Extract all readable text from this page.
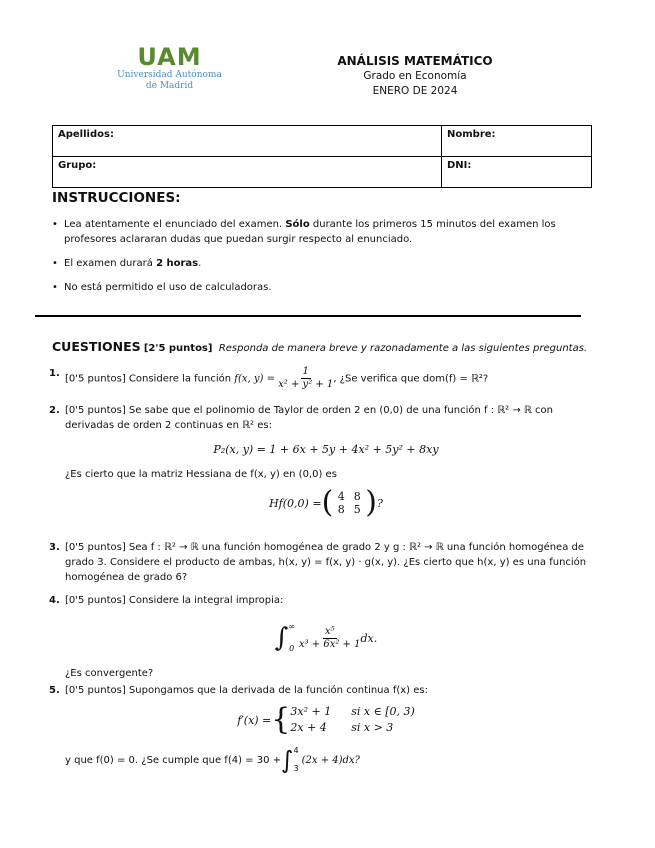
UAM
Universidad Autónoma
de Madrid
ANÁLISIS MATEMÁTICO
Grado en Economía
ENERO DE 2024
Apellidos:	Nombre:
Grupo:	DNI:
INSTRUCCIONES:
• Lea atentamente el enunciado del examen. Sólo durante los primeros 15 minutos del examen los profesores aclararan dudas que puedan surgir respecto al enunciado.
• El examen durará 2 horas.
• No está permitido el uso de calculadoras.
CUESTIONES [2'5 puntos] Responda de manera breve y razonadamente a las siguientes preguntas.
1. [0'5 puntos] Considere la función f(x, $y) = \frac{1}{\text{x² + y² + 1}}$ , ¿Se verifica que dom(f) = ℝ²?
2. [0'5 puntos] Se sabe que el polinomio de Taylor de orden 2 en (0,0) de una función f : ℝ² → ℝ con derivadas de orden 2 continuas en ℝ² es:
P₂(x, y) = 1 + 6x + 5y + 4x² + 5y² + 8xy
¿Es cierto que la matriz Hessiana de f(x, y) en (0,0) es
Hf(0,0) = ( 4 8
8 5 ) ?
3. [0'5 puntos] Sea f : ℝ² → ℝ una función homogénea de grado 2 y g : ℝ² → ℝ una función homogénea de grado 3. Considere el producto de ambas, h(x, y) = f(x, y) · g(x, y). ¿Es cierto que h(x, y) es una función homogénea de grado 6?
4. [0'5 puntos] Considere la integral impropia:
∫ ∞
$0 \frac{\text{x⁵}}{\text{x³ + 6x² + 1}}$ dx.
¿Es convergente?
5. [0'5 puntos] Supongamos que la derivada de la función continua f(x) es:
f′(x) = { 3x² + 1 si x ∈ [0, 3)
2x + 4	si x > 3
y que f(0) = 0. ¿Se cumple que f(4) = 30 + ∫ 4
3
(2x + 4)dx?
